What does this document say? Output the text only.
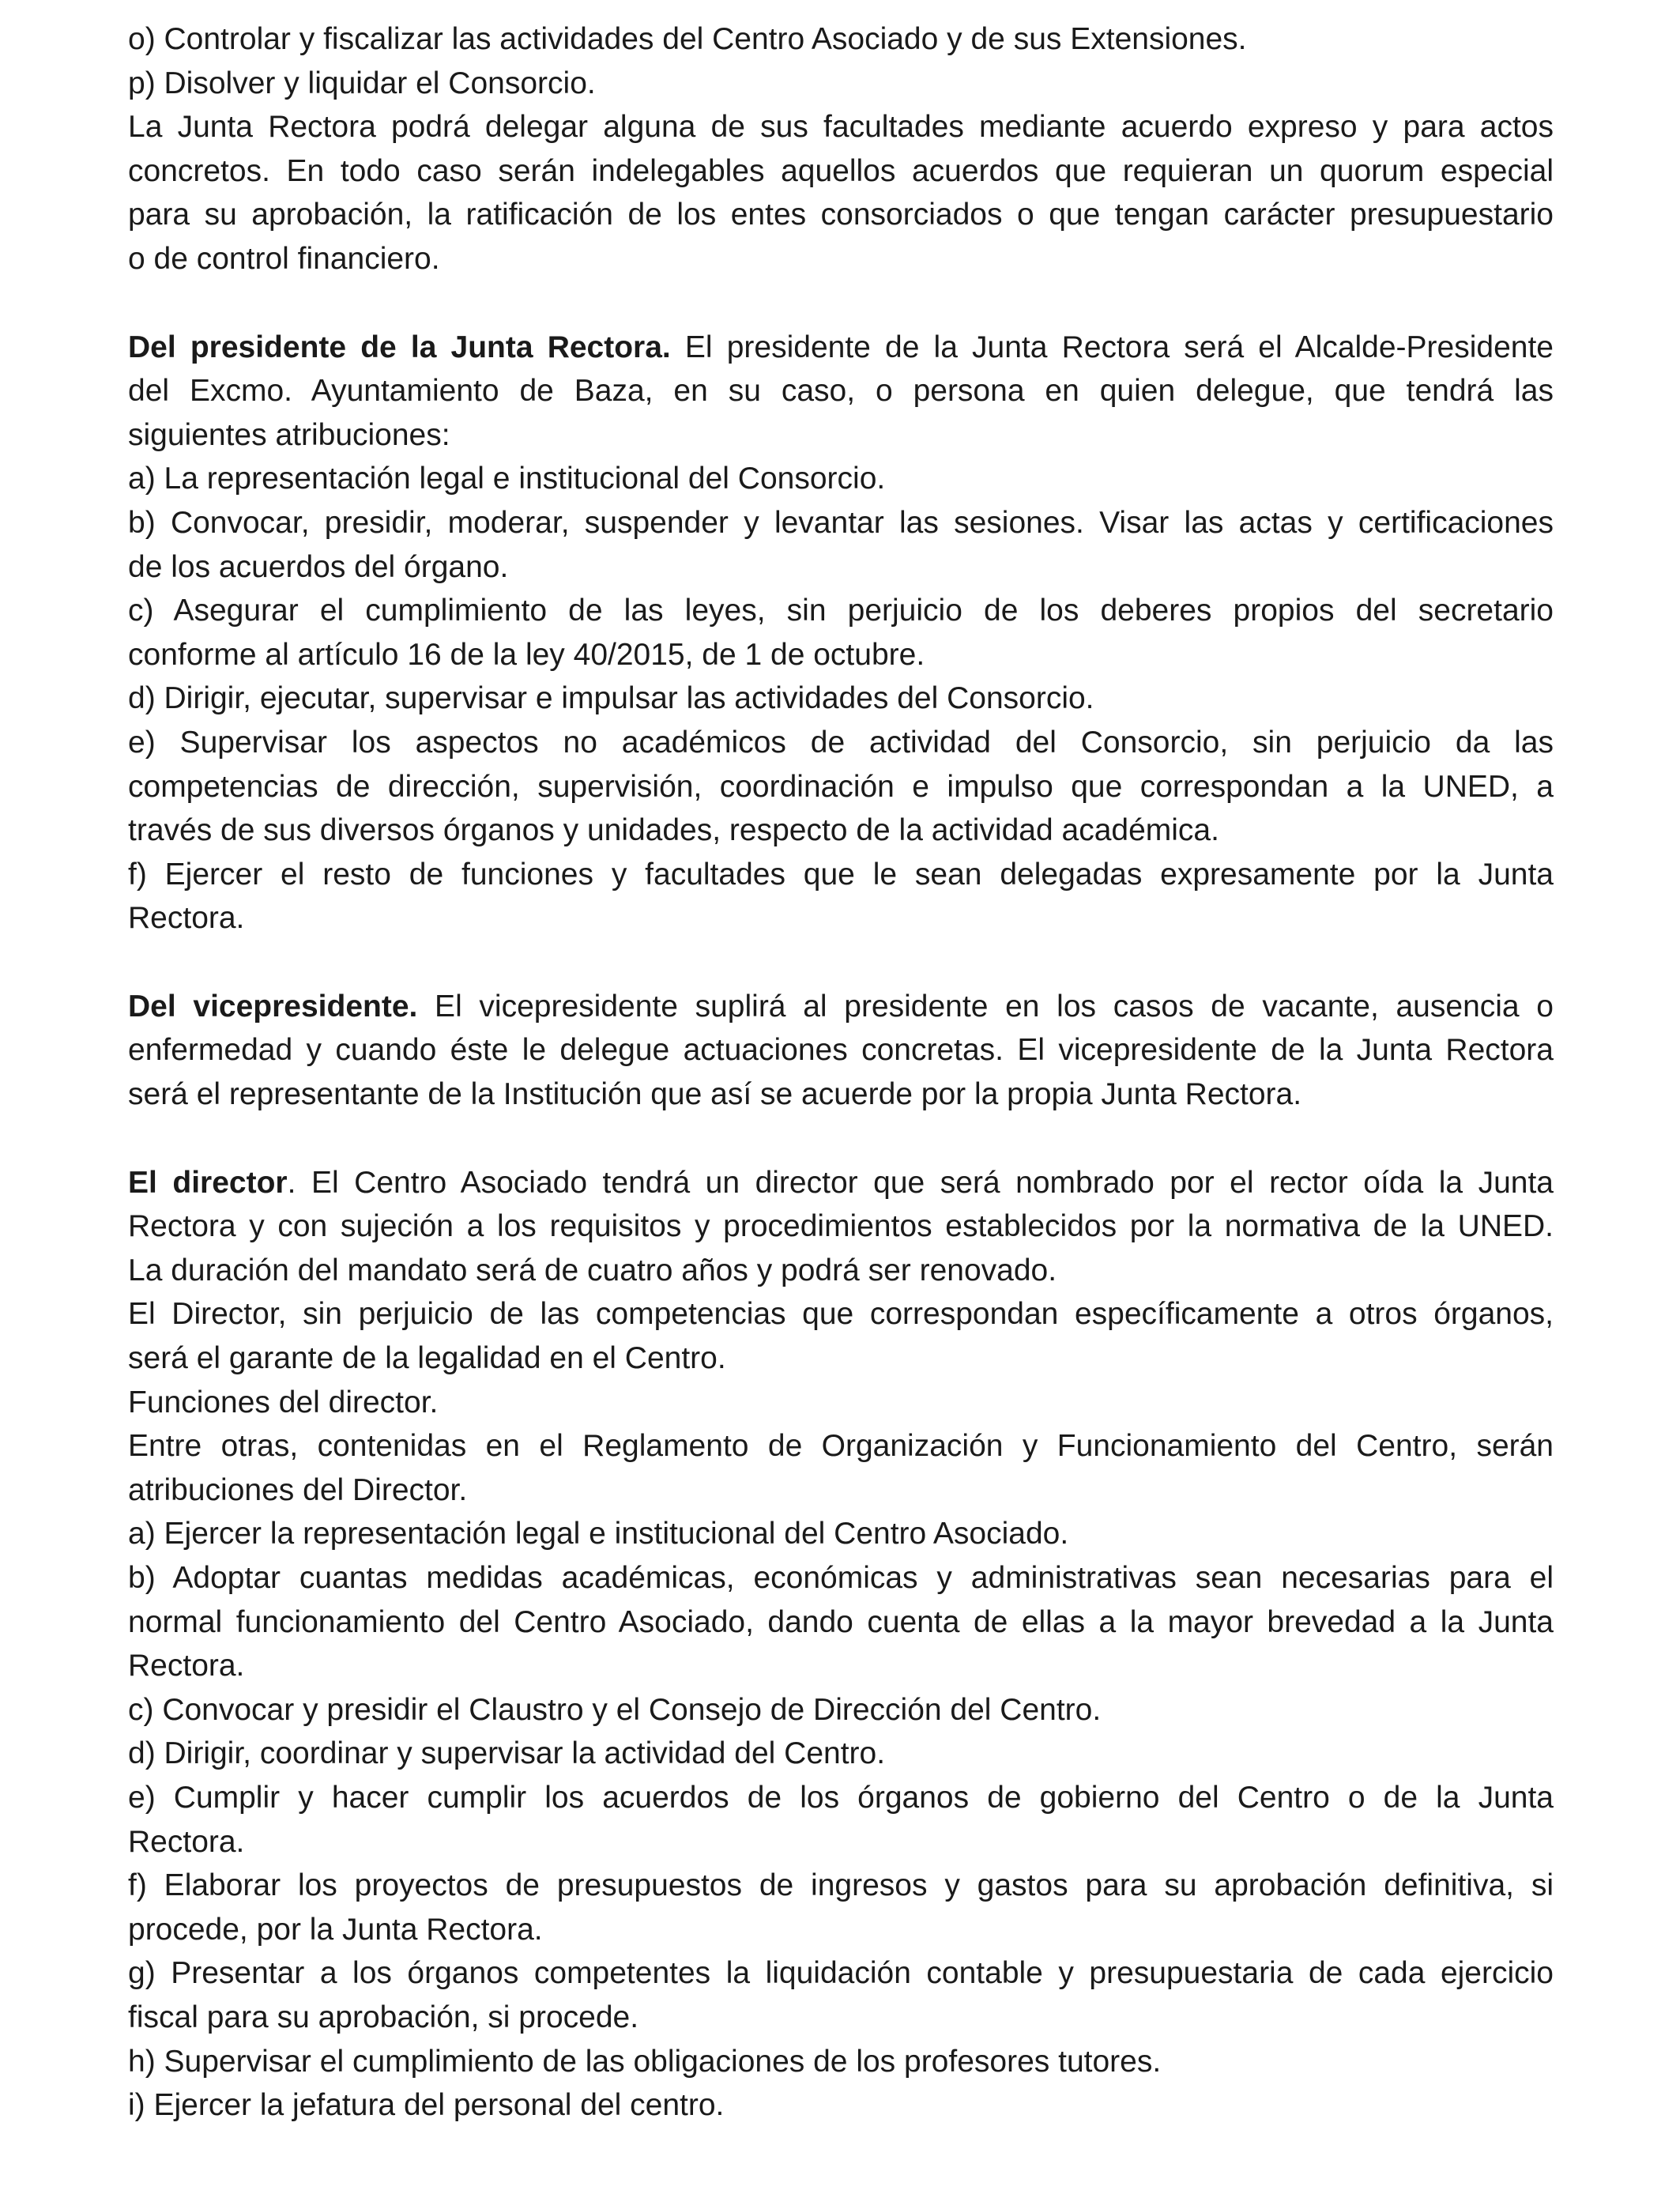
o) Controlar y fiscalizar las actividades del Centro Asociado y de sus Extensiones.
p) Disolver y liquidar el Consorcio.
La Junta Rectora podrá delegar alguna de sus facultades mediante acuerdo expreso y para actos
concretos. En todo caso serán indelegables aquellos acuerdos que requieran un quorum especial
para su aprobación, la ratificación de los entes consorciados o que tengan carácter presupuestario
o de control financiero.
Del presidente de la Junta Rectora. El presidente de la Junta Rectora será el Alcalde-Presidente
del Excmo. Ayuntamiento de Baza, en su caso, o persona en quien delegue, que tendrá las
siguientes atribuciones:
a) La representación legal e institucional del Consorcio.
b) Convocar, presidir, moderar, suspender y levantar las sesiones. Visar las actas y certificaciones
de los acuerdos del órgano.
c) Asegurar el cumplimiento de las leyes, sin perjuicio de los deberes propios del secretario
conforme al artículo 16 de la ley 40/2015, de 1 de octubre.
d) Dirigir, ejecutar, supervisar e impulsar las actividades del Consorcio.
e) Supervisar los aspectos no académicos de actividad del Consorcio, sin perjuicio da las
competencias de dirección, supervisión, coordinación e impulso que correspondan a la UNED, a
través de sus diversos órganos y unidades, respecto de la actividad académica.
f) Ejercer el resto de funciones y facultades que le sean delegadas expresamente por la Junta
Rectora.
Del vicepresidente. El vicepresidente suplirá al presidente en los casos de vacante, ausencia o
enfermedad y cuando éste le delegue actuaciones concretas. El vicepresidente de la Junta Rectora
será el representante de la Institución que así se acuerde por la propia Junta Rectora.
El director. El Centro Asociado tendrá un director que será nombrado por el rector oída la Junta
Rectora y con sujeción a los requisitos y procedimientos establecidos por la normativa de la UNED.
La duración del mandato será de cuatro años y podrá ser renovado.
El Director, sin perjuicio de las competencias que correspondan específicamente a otros órganos,
será el garante de la legalidad en el Centro.
Funciones del director.
Entre otras, contenidas en el Reglamento de Organización y Funcionamiento del Centro, serán
atribuciones del Director.
a) Ejercer la representación legal e institucional del Centro Asociado.
b) Adoptar cuantas medidas académicas, económicas y administrativas sean necesarias para el
normal funcionamiento del Centro Asociado, dando cuenta de ellas a la mayor brevedad a la Junta
Rectora.
c) Convocar y presidir el Claustro y el Consejo de Dirección del Centro.
d) Dirigir, coordinar y supervisar la actividad del Centro.
e) Cumplir y hacer cumplir los acuerdos de los órganos de gobierno del Centro o de la Junta
Rectora.
f) Elaborar los proyectos de presupuestos de ingresos y gastos para su aprobación definitiva, si
procede, por la Junta Rectora.
g) Presentar a los órganos competentes la liquidación contable y presupuestaria de cada ejercicio
fiscal para su aprobación, si procede.
h) Supervisar el cumplimiento de las obligaciones de los profesores tutores.
i) Ejercer la jefatura del personal del centro.
